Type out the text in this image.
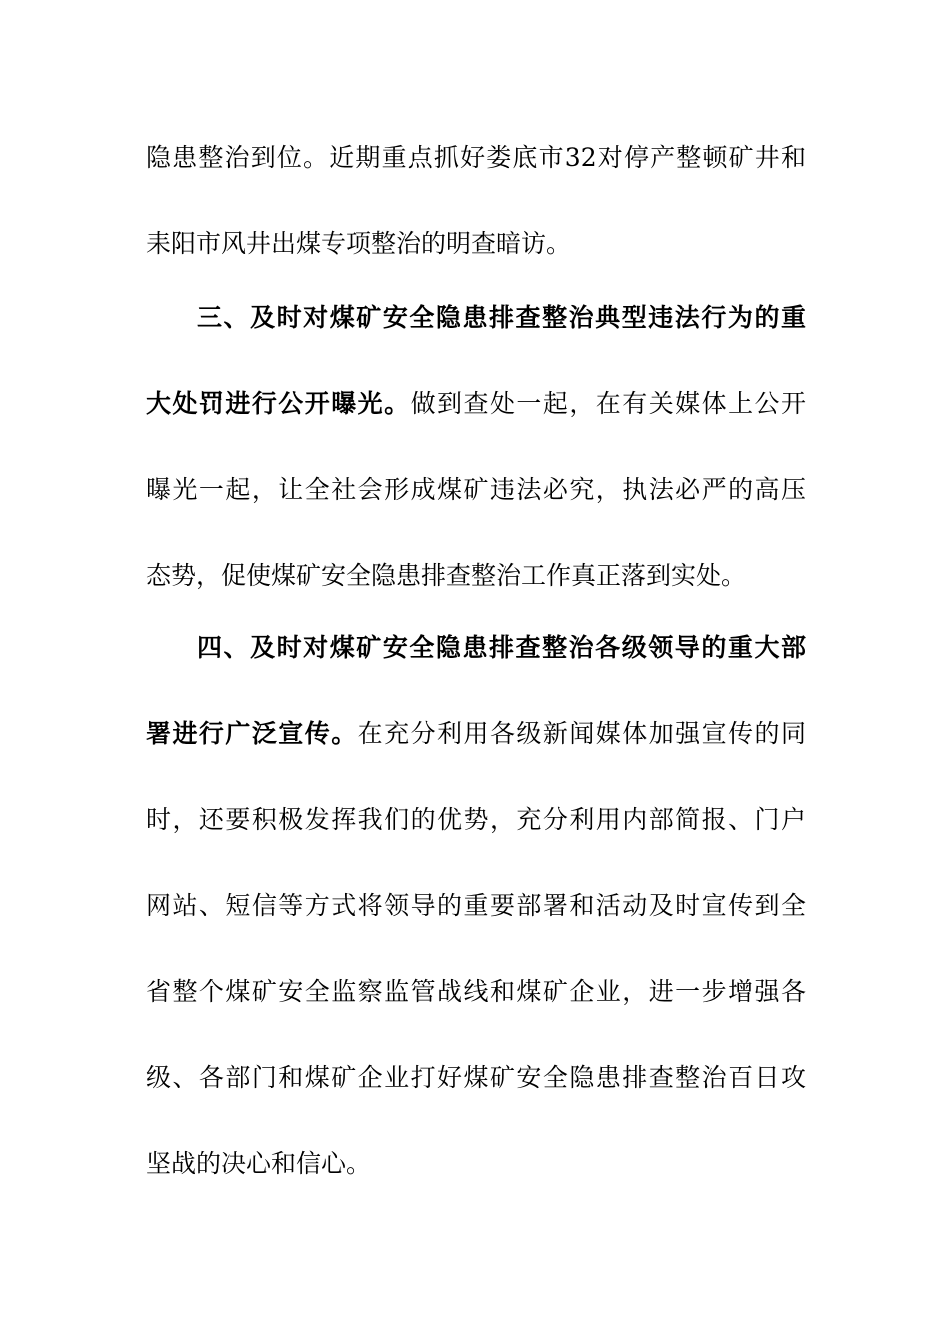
隐患整治到位。近期重点抓好娄底市32对停产整顿矿井和
耒阳市风井出煤专项整治的明查暗访。
三、及时对煤矿安全隐患排查整治典型违法行为的重
大处罚进行公开曝光。做到查处一起，在有关媒体上公开
曝光一起，让全社会形成煤矿违法必究，执法必严的高压
态势，促使煤矿安全隐患排查整治工作真正落到实处。
四、及时对煤矿安全隐患排查整治各级领导的重大部
署进行广泛宣传。在充分利用各级新闻媒体加强宣传的同
时，还要积极发挥我们的优势，充分利用内部简报、门户
网站、短信等方式将领导的重要部署和活动及时宣传到全
省整个煤矿安全监察监管战线和煤矿企业，进一步增强各
级、各部门和煤矿企业打好煤矿安全隐患排查整治百日攻
坚战的决心和信心。
